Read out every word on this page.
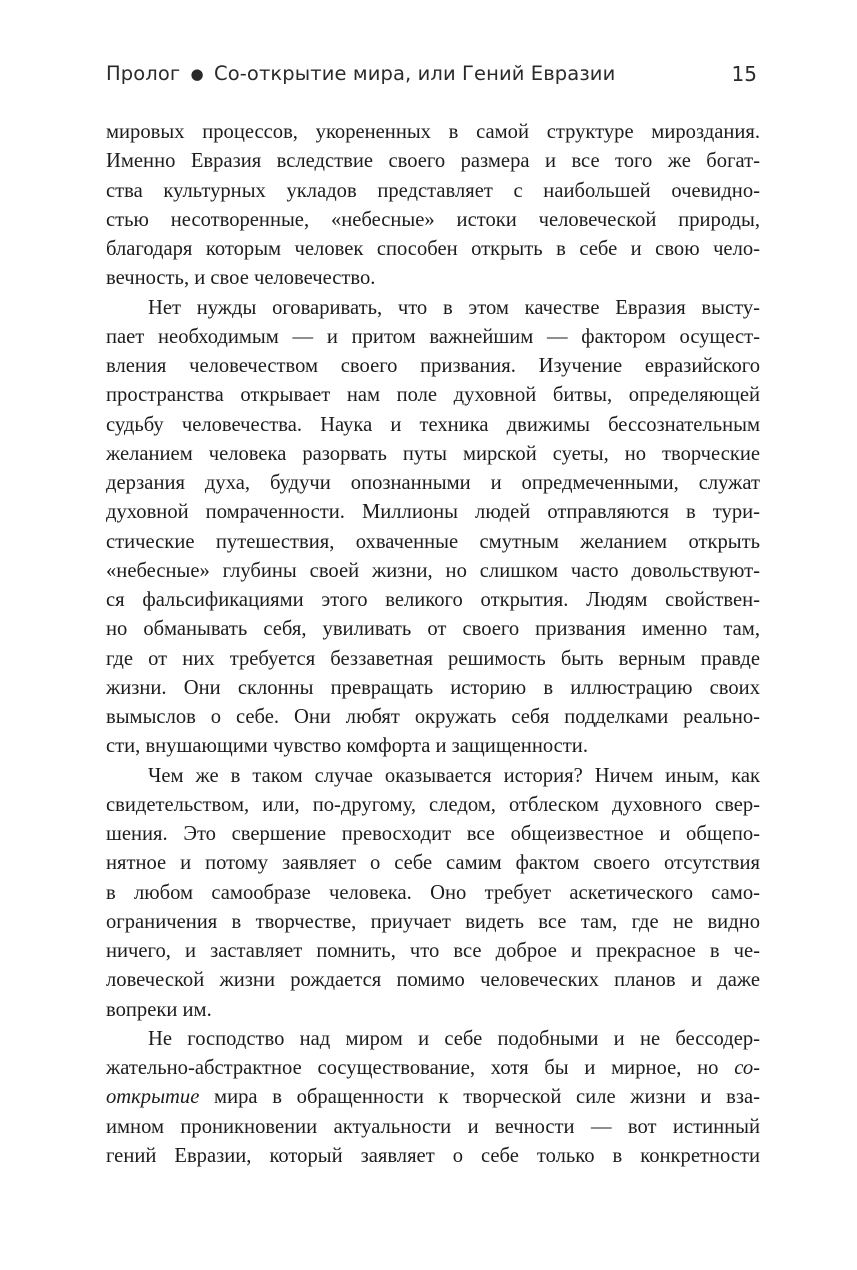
Пролог ● Со-открытие мира, или Гений Евразии	15
мировых процессов, укорененных в самой структуре мироздания.
Именно Евразия вследствие своего размера и все того же богат-
ства культурных укладов представляет с наибольшей очевидно-
стью несотворенные, «небесные» истоки человеческой природы,
благодаря которым человек способен открыть в себе и свою чело-
вечность, и свое человечество.
Нет нужды оговаривать, что в этом качестве Евразия высту-
пает необходимым — и притом важнейшим — фактором осущест-
вления человечеством своего призвания. Изучение евразийского
пространства открывает нам поле духовной битвы, определяющей
судьбу человечества. Наука и техника движимы бессознательным
желанием человека разорвать путы мирской суеты, но творческие
дерзания духа, будучи опознанными и опредмеченными, служат
духовной помраченности. Миллионы людей отправляются в тури-
стические путешествия, охваченные смутным желанием открыть
«небесные» глубины своей жизни, но слишком часто довольствуют-
ся фальсификациями этого великого открытия. Людям свойствен-
но обманывать себя, увиливать от своего призвания именно там,
где от них требуется беззаветная решимость быть верным правде
жизни. Они склонны превращать историю в иллюстрацию своих
вымыслов о себе. Они любят окружать себя подделками реально-
сти, внушающими чувство комфорта и защищенности.
Чем же в таком случае оказывается история? Ничем иным, как
свидетельством, или, по-другому, следом, отблеском духовного свер-
шения. Это свершение превосходит все общеизвестное и общепо-
нятное и потому заявляет о себе самим фактом своего отсутствия
в любом самообразе человека. Оно требует аскетического само-
ограничения в творчестве, приучает видеть все там, где не видно
ничего, и заставляет помнить, что все доброе и прекрасное в че-
ловеческой жизни рождается помимо человеческих планов и даже
вопреки им.
Не господство над миром и себе подобными и не бессодер-
жательно-абстрактное сосуществование, хотя бы и мирное, но со-
открытие мира в обращенности к творческой силе жизни и вза-
имном проникновении актуальности и вечности — вот истинный
гений Евразии, который заявляет о себе только в конкретности
